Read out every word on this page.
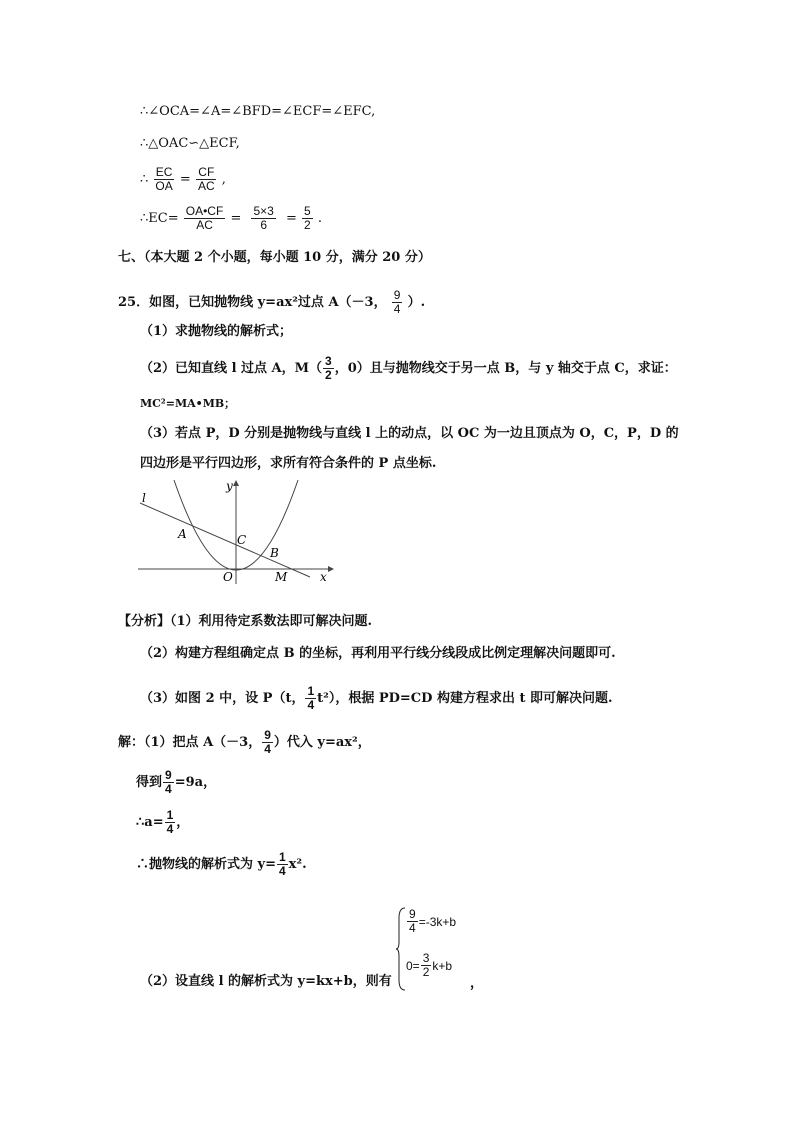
∴∠OCA=∠A=∠BFD=∠ECF=∠EFC,
∴△OAC∽△ECF,
∴ $\frac{EC}{OA} = \frac{CF}{AC}$ ,
∴EC= $\frac{OA•CF}{AC} = \frac{5\times 3}{6} = \frac{5}{2}$ .
七、（本大题 2 个小题，每小题 10 分，满分 20 分）
25．如图，已知抛物线 y=ax²过点 A（－3， $\frac{9}{4}$ ）.
（1）求抛物线的解析式；
（2）已知直线 l 过点 A，$M( \frac{3}{2}$ ，0）且与抛物线交于另一点 B，与 y 轴交于点 C，求证：
MC²=MA•MB；
（3）若点 P，D 分别是抛物线与直线 l 上的动点，以 OC 为一边且顶点为 O，C，P，D 的
四边形是平行四边形，求所有符合条件的 P 点坐标.
l
y
x
A	C
B
O	M
【分析】（1）利用待定系数法即可解决问题.
（2）构建方程组确定点 B 的坐标，再利用平行线分线段成比例定理解决问题即可.
（3）如图 2 中，设 P（t， $\frac{1}{4} t^2$），根据 PD=CD 构建方程求出 t 即可解决问题.
解：（1）把点 A（－3， $\frac{9}{4}$ ）代入 y=ax²，
得到 $\frac{9}{4} =9a$，
∴a= $\frac{1}{4}$ ，
∴抛物线的解析式为 $y= \frac{1}{4} x^2$.
（2）设直线 l 的解析式为 y=kx+b，则有
$\frac{9}{4} =-3k+b$
$0= \frac{3}{2} k+b$
，
